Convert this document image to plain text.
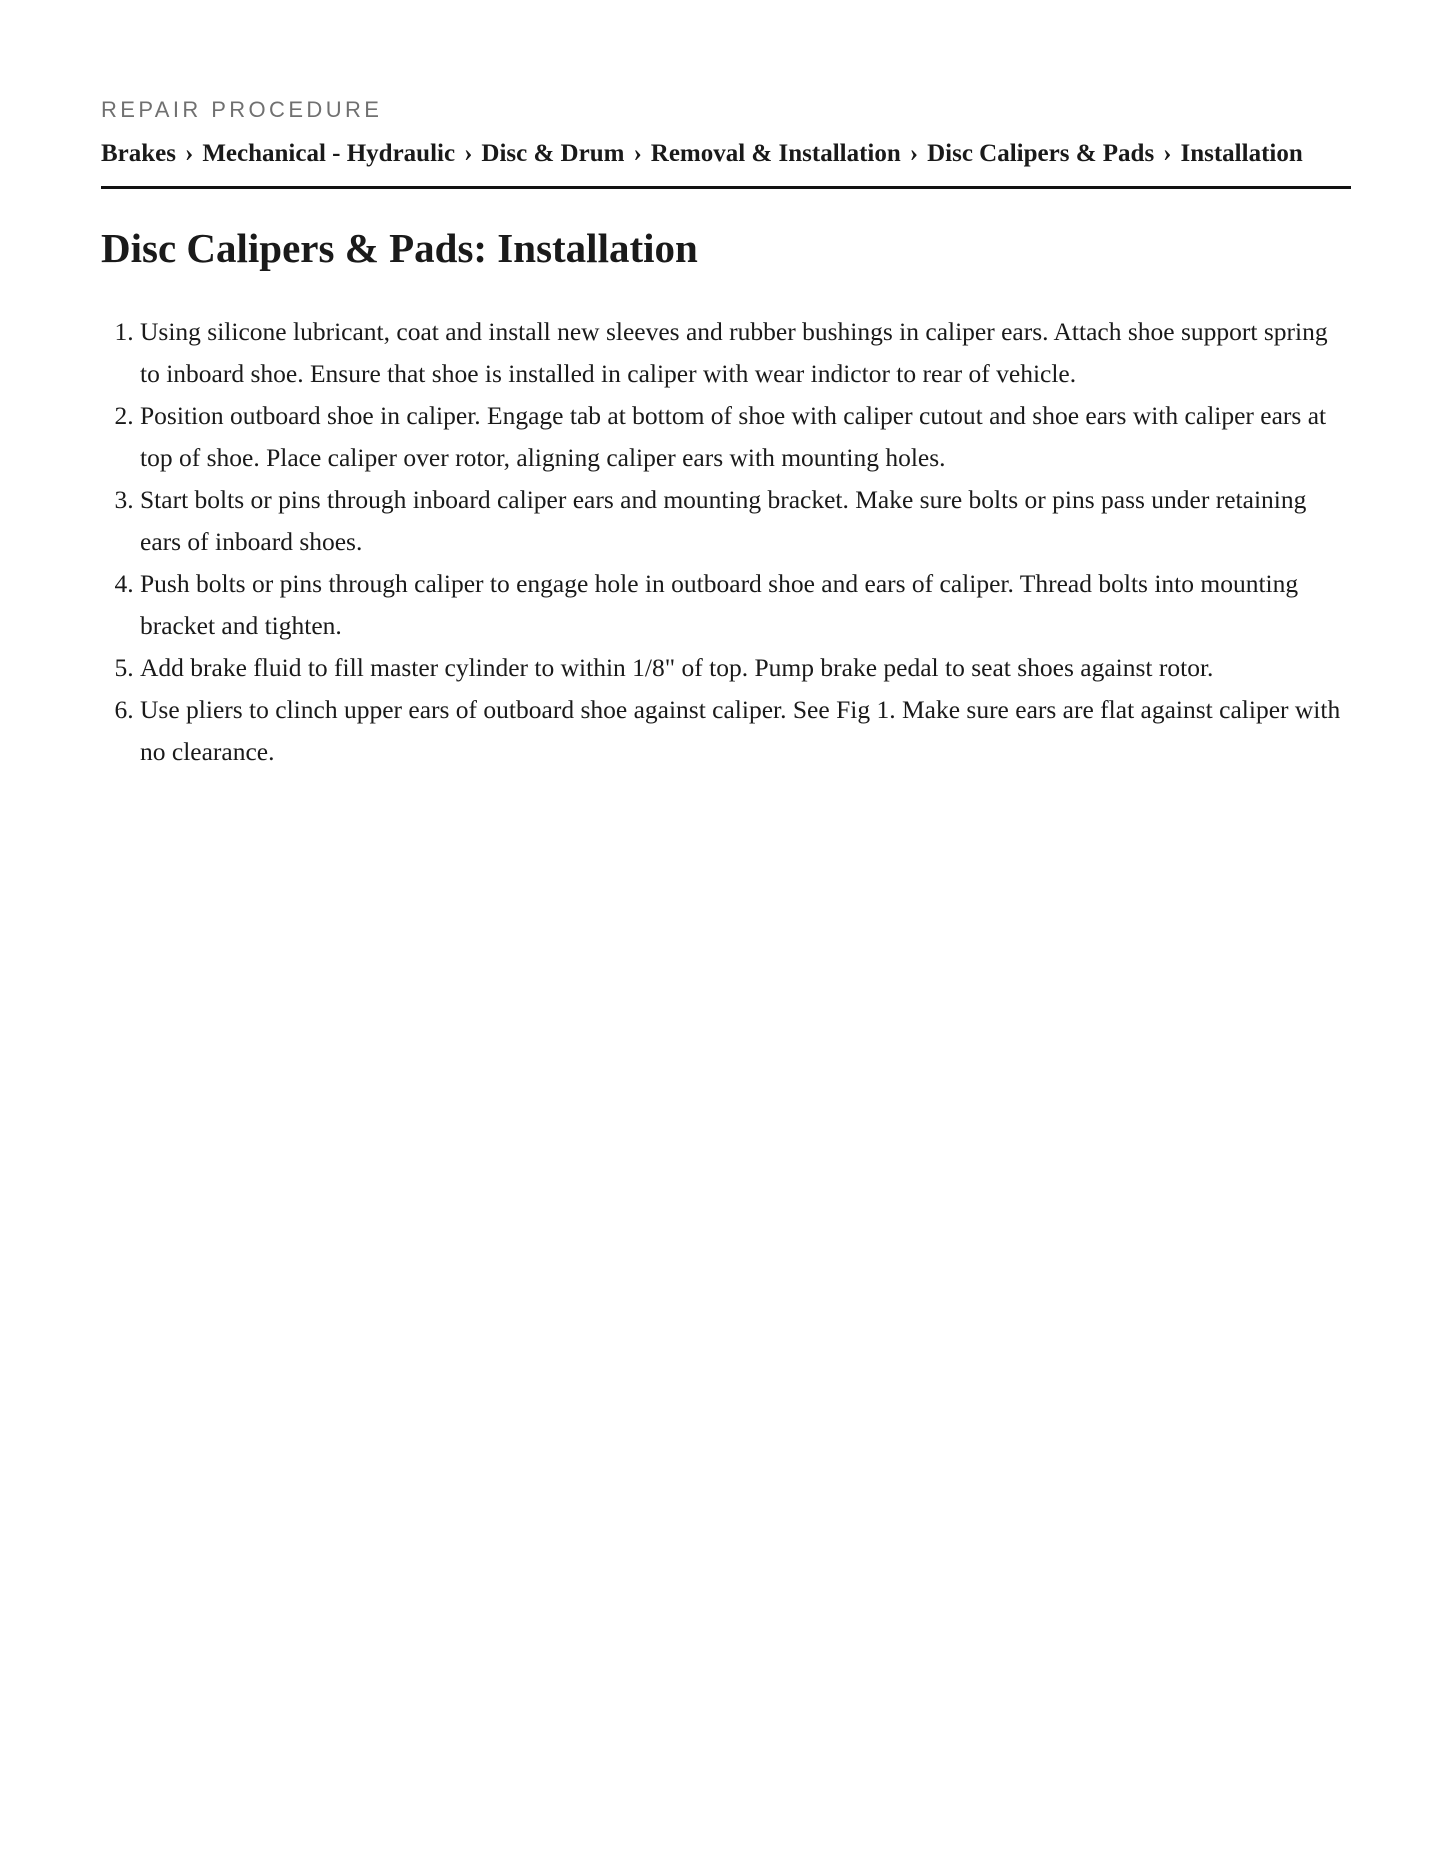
REPAIR PROCEDURE

Brakes › Mechanical - Hydraulic › Disc & Drum › Removal & Installation › Disc Calipers & Pads › Installation
Disc Calipers & Pads: Installation
1. Using silicone lubricant, coat and install new sleeves and rubber bushings in caliper ears. Attach shoe support spring to inboard shoe. Ensure that shoe is installed in caliper with wear indictor to rear of vehicle.
2. Position outboard shoe in caliper. Engage tab at bottom of shoe with caliper cutout and shoe ears with caliper ears at top of shoe. Place caliper over rotor, aligning caliper ears with mounting holes.
3. Start bolts or pins through inboard caliper ears and mounting bracket. Make sure bolts or pins pass under retaining ears of inboard shoes.
4. Push bolts or pins through caliper to engage hole in outboard shoe and ears of caliper. Thread bolts into mounting bracket and tighten.
5. Add brake fluid to fill master cylinder to within 1/8" of top. Pump brake pedal to seat shoes against rotor.
6. Use pliers to clinch upper ears of outboard shoe against caliper. See Fig 1. Make sure ears are flat against caliper with no clearance.
